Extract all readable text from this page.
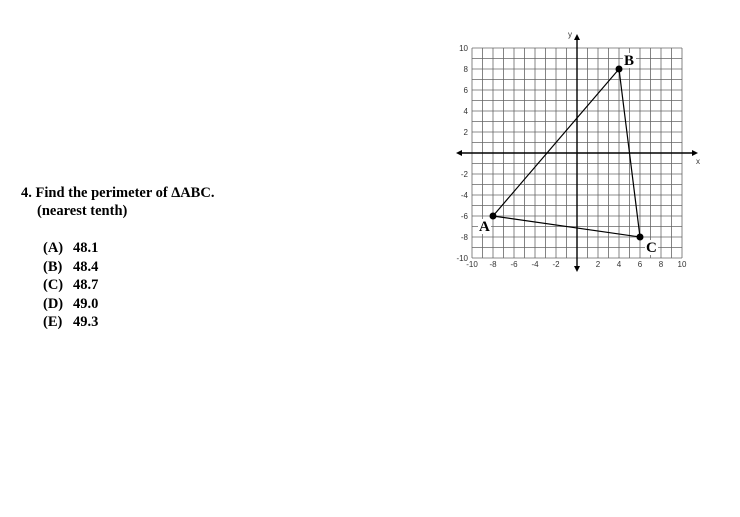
4. Find the perimeter of ∆ABC.
(nearest tenth)
(A) 48.1
(B) 48.4
(C) 48.7
(D) 49.0
(E) 49.3
x
y
-10 -8 -6 -4 -2	2 4 6 8 10
10
8
6
4
2
-2
-4
-6
-8
-10
A
B
C
